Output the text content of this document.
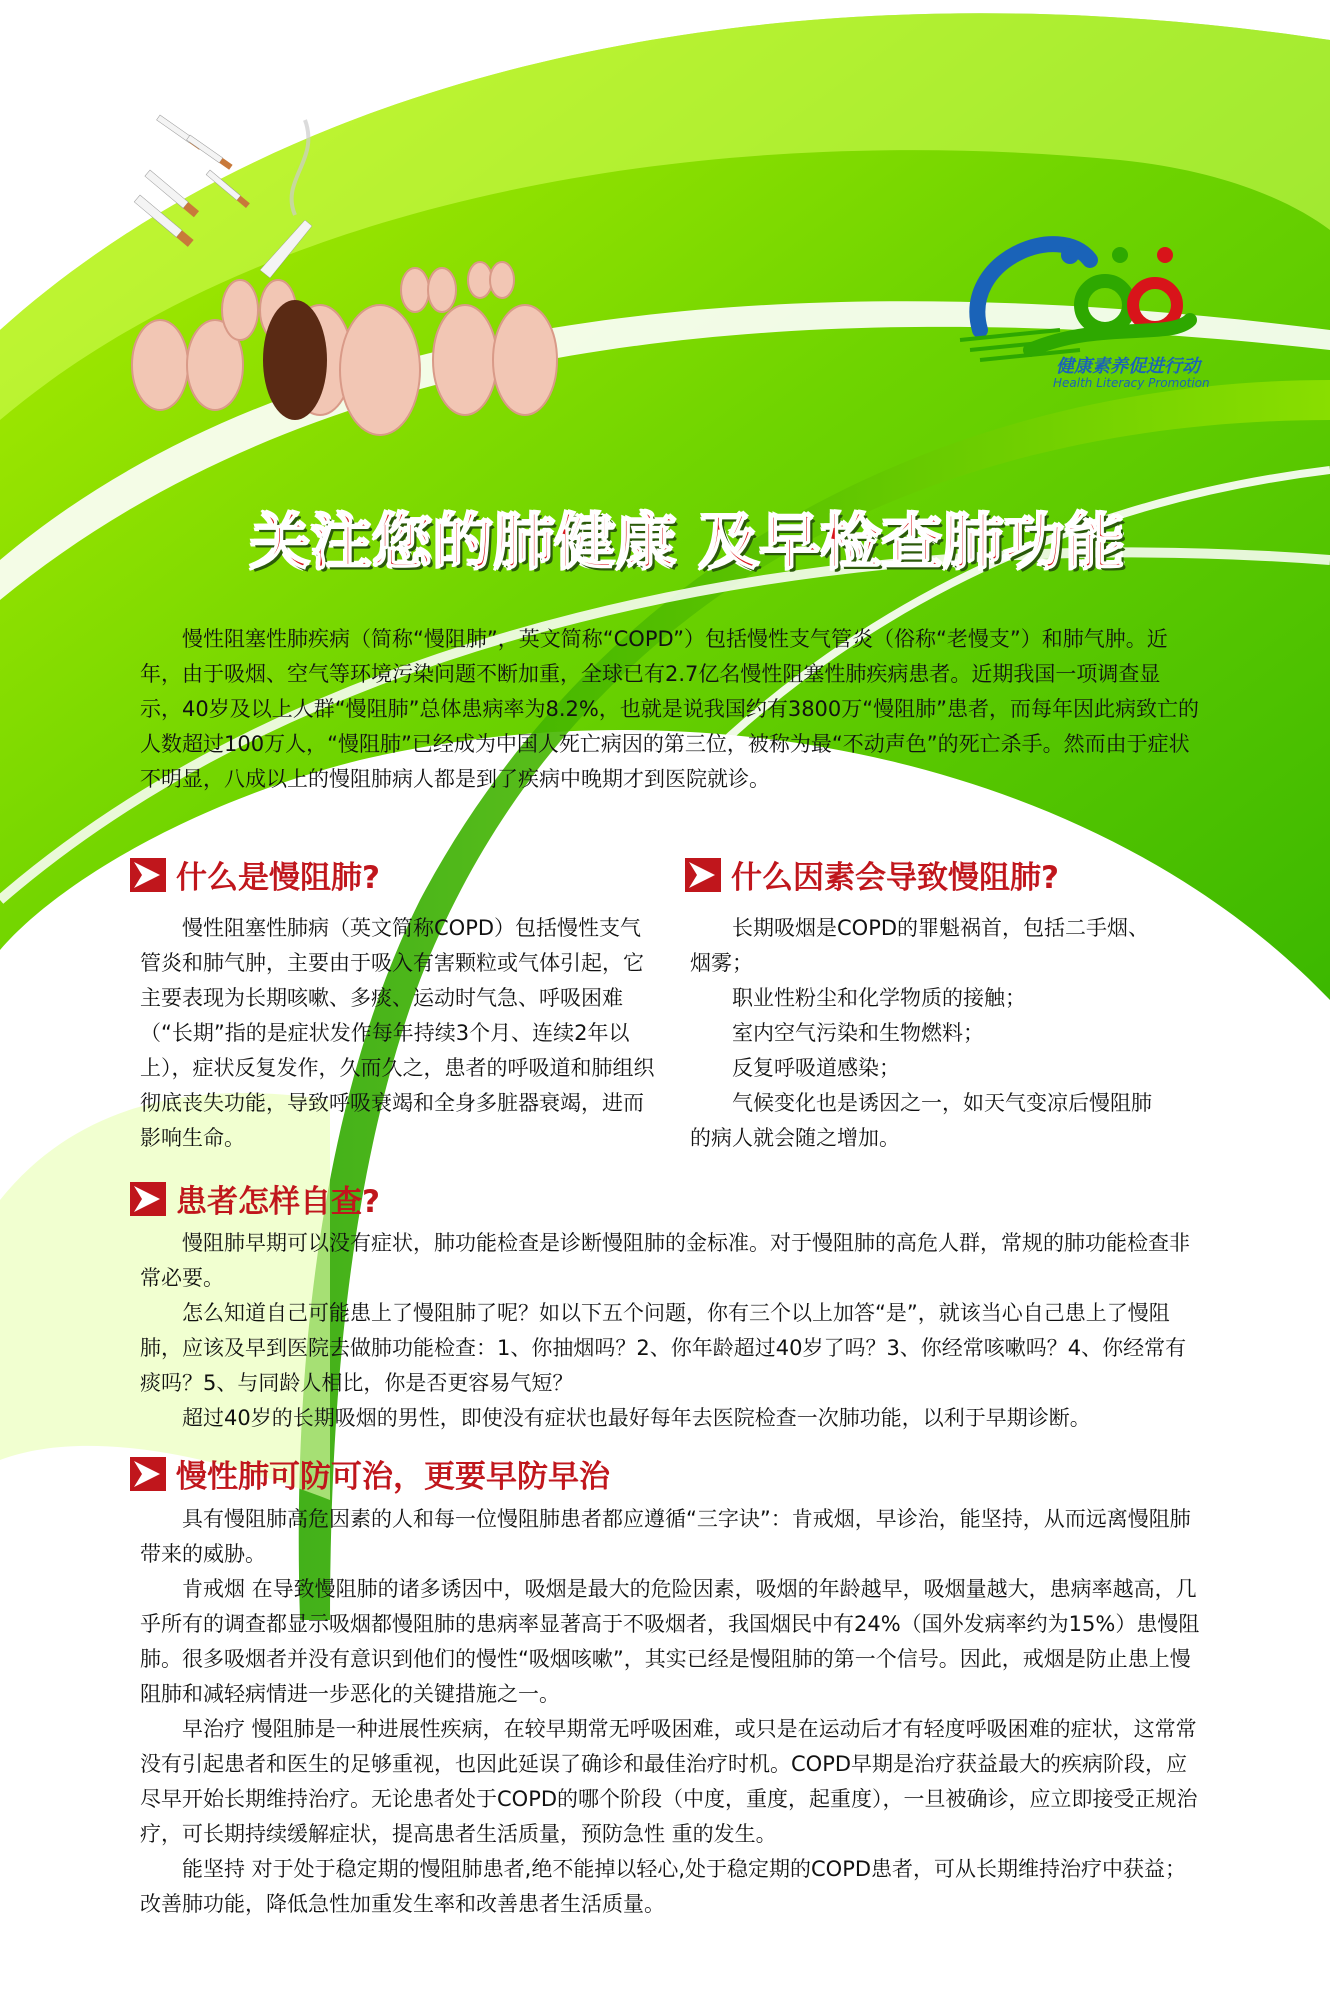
健康素养促进行动
Health Literacy Promotion
关注您的肺健康 及早检查肺功能

慢性阻塞性肺疾病（简称“慢阻肺”，英文简称“COPD”）包括慢性支气管炎（俗称“老慢支”）和肺气肿。近年，由于吸烟、空气等环境污染问题不断加重，全球已有2.7亿名慢性阻塞性肺疾病患者。近期我国一项调查显示，40岁及以上人群“慢阻肺”总体患病率为8.2%，也就是说我国约有3800万“慢阻肺”患者，而每年因此病致亡的人数超过100万人，“慢阻肺”已经成为中国人死亡病因的第三位，被称为最“不动声色”的死亡杀手。然而由于症状不明显，八成以上的慢阻肺病人都是到了疾病中晚期才到医院就诊。

什么是慢阻肺?

慢性阻塞性肺病（英文简称COPD）包括慢性支气管炎和肺气肿，主要由于吸入有害颗粒或气体引起，它主要表现为长期咳嗽、多痰、运动时气急、呼吸困难（“长期”指的是症状发作每年持续3个月、连续2年以上），症状反复发作，久而久之，患者的呼吸道和肺组织彻底丧失功能，导致呼吸衰竭和全身多脏器衰竭，进而影响生命。

什么因素会导致慢阻肺?

长期吸烟是COPD的罪魁祸首，包括二手烟、烟雾；

职业性粉尘和化学物质的接触；

室内空气污染和生物燃料；

反复呼吸道感染；

气候变化也是诱因之一，如天气变凉后慢阻肺的病人就会随之增加。

患者怎样自查?

慢阻肺早期可以没有症状，肺功能检查是诊断慢阻肺的金标准。对于慢阻肺的高危人群，常规的肺功能检查非常必要。

怎么知道自己可能患上了慢阻肺了呢？如以下五个问题，你有三个以上加答“是”，就该当心自己患上了慢阻肺，应该及早到医院去做肺功能检查：1、你抽烟吗？2、你年龄超过40岁了吗？3、你经常咳嗽吗？4、你经常有痰吗？5、与同龄人相比，你是否更容易气短？

超过40岁的长期吸烟的男性，即使没有症状也最好每年去医院检查一次肺功能，以利于早期诊断。

慢性肺可防可治，更要早防早治

具有慢阻肺高危因素的人和每一位慢阻肺患者都应遵循“三字诀”：肯戒烟，早诊治，能坚持，从而远离慢阻肺带来的威胁。

肯戒烟 在导致慢阻肺的诸多诱因中，吸烟是最大的危险因素，吸烟的年龄越早，吸烟量越大，患病率越高，几乎所有的调查都显示吸烟都慢阻肺的患病率显著高于不吸烟者，我国烟民中有24%（国外发病率约为15%）患慢阻肺。很多吸烟者并没有意识到他们的慢性“吸烟咳嗽”，其实已经是慢阻肺的第一个信号。因此，戒烟是防止患上慢阻肺和减轻病情进一步恶化的关键措施之一。

早治疗 慢阻肺是一种进展性疾病，在较早期常无呼吸困难，或只是在运动后才有轻度呼吸困难的症状，这常常没有引起患者和医生的足够重视，也因此延误了确诊和最佳治疗时机。COPD早期是治疗获益最大的疾病阶段，应尽早开始长期维持治疗。无论患者处于COPD的哪个阶段（中度，重度，起重度），一旦被确诊，应立即接受正规治疗，可长期持续缓解症状，提高患者生活质量，预防急性 重的发生。

能坚持 对于处于稳定期的慢阻肺患者,绝不能掉以轻心,处于稳定期的COPD患者，可从长期维持治疗中获益；改善肺功能，降低急性加重发生率和改善患者生活质量。
